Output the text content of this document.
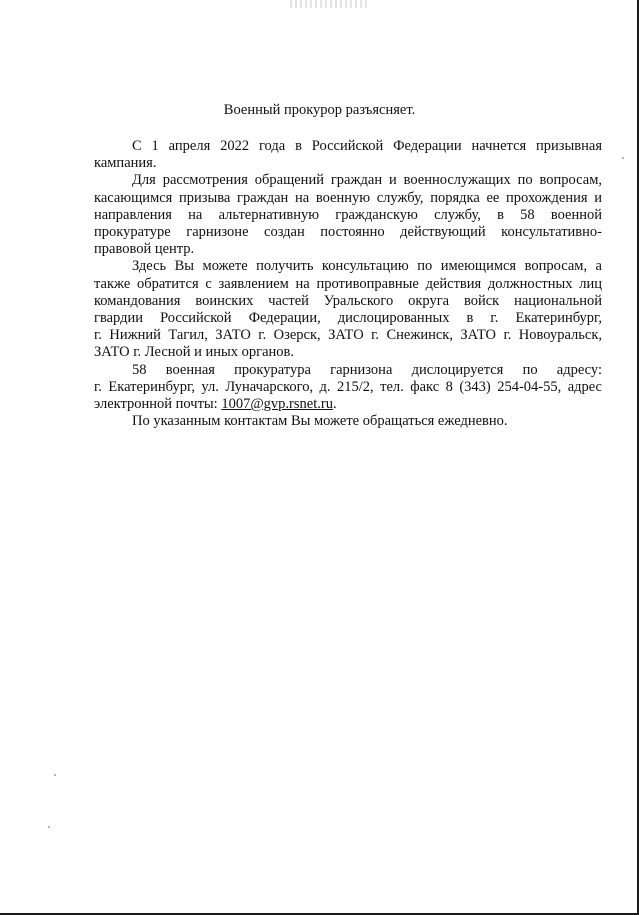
Военный прокурор разъясняет.
С 1 апреля 2022 года в Российской Федерации начнется призывная
кампания.
Для рассмотрения обращений граждан и военнослужащих по вопросам,
касающимся призыва граждан на военную службу, порядка ее прохождения и
направления на альтернативную гражданскую службу, в 58 военной
прокуратуре гарнизоне создан постоянно действующий консультативно-
правовой центр.
Здесь Вы можете получить консультацию по имеющимся вопросам, а
также обратится с заявлением на противоправные действия должностных лиц
командования воинских частей Уральского округа войск национальной
гвардии Российской Федерации, дислоцированных в г. Екатеринбург,
г. Нижний Тагил, ЗАТО г. Озерск, ЗАТО г. Снежинск, ЗАТО г. Новоуральск,
ЗАТО г. Лесной и иных органов.
58 военная прокуратура гарнизона дислоцируется по адресу:
г. Екатеринбург, ул. Луначарского, д. 215/2, тел. факс 8 (343) 254-04-55, адрес
электронной почты: 1007@gvp.rsnet.ru.
По указанным контактам Вы можете обращаться ежедневно.
